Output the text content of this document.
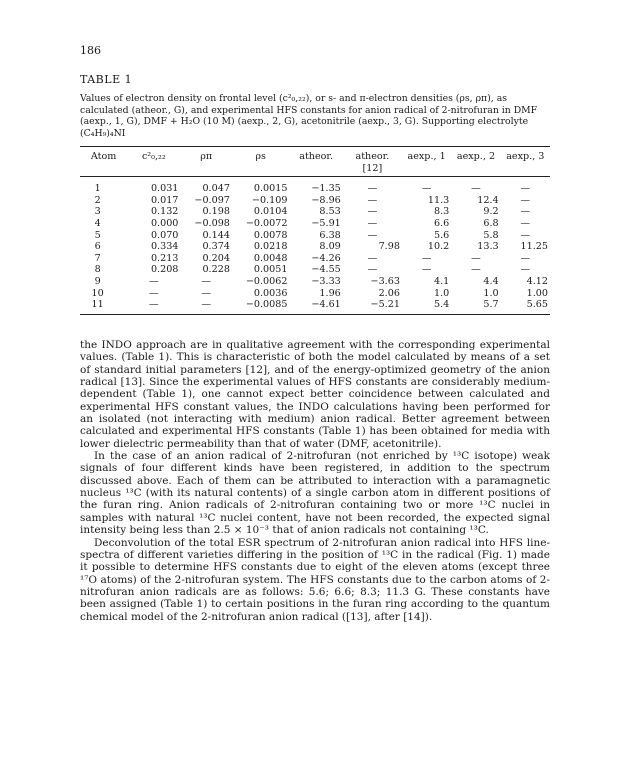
186
TABLE 1
Values of electron density on frontal level (c²₀,₂₂), or s- and π-electron densities (ρs, ρπ), as calculated (atheor., G), and experimental HFS constants for anion radical of 2-nitrofuran in DMF (aexp., 1, G), DMF + H₂O (10 M) (aexp., 2, G), acetonitrile (aexp., 3, G). Supporting electrolyte (C₄H₉)₄NI
Atom	c²₀,₂₂	ρπ	ρs	atheor.	atheor. [12]	aexp., 1	aexp., 2	aexp., 3
1	0.031	0.047	0.0015	−1.35	—	—	—	—
2	0.017	−0.097	−0.109	−8.96	—	11.3	12.4	—
3	0.132	0.198	0.0104	8.53	—	8.3	9.2	—
4	0.000	−0.098	−0.0072	−5.91	—	6.6	6.8	—
5	0.070	0.144	0.0078	6.38	—	5.6	5.8	—
6	0.334	0.374	0.0218	8.09	7.98	10.2	13.3	11.25
7	0.213	0.204	0.0048	−4.26	—	—	—	—
8	0.208	0.228	0.0051	−4.55	—	—	—	—
9	—	—	−0.0062	−3.33	−3.63	4.1	4.4	4.12
10	—	—	0.0036	1.96	2.06	1.0	1.0	1.00
11	—	—	−0.0085	−4.61	−5.21	5.4	5.7	5.65

the INDO approach are in qualitative agreement with the corresponding experimental values. (Table 1). This is characteristic of both the model calculated by means of a set of standard initial parameters [12], and of the energy-optimized geometry of the anion radical [13]. Since the experimental values of HFS constants are considerably medium-dependent (Table 1), one cannot expect better coincidence between calculated and experimental HFS constant values, the INDO calculations having been performed for an isolated (not interacting with medium) anion radical. Better agreement between calculated and experimental HFS constants (Table 1) has been obtained for media with lower dielectric permeability than that of water (DMF, acetonitrile).

In the case of an anion radical of 2-nitrofuran (not enriched by ¹³C isotope) weak signals of four different kinds have been registered, in addition to the spectrum discussed above. Each of them can be attributed to interaction with a paramagnetic nucleus ¹³C (with its natural contents) of a single carbon atom in different positions of the furan ring. Anion radicals of 2-nitrofuran containing two or more ¹³C nuclei in samples with natural ¹³C nuclei content, have not been recorded, the expected signal intensity being less than 2.5 × 10⁻³ that of anion radicals not containing ¹³C.

Deconvolution of the total ESR spectrum of 2-nitrofuran anion radical into HFS line-spectra of different varieties differing in the position of ¹³C in the radical (Fig. 1) made it possible to determine HFS constants due to eight of the eleven atoms (except three ¹⁷O atoms) of the 2-nitrofuran system. The HFS constants due to the carbon atoms of 2-nitrofuran anion radicals are as follows: 5.6; 6.6; 8.3; 11.3 G. These constants have been assigned (Table 1) to certain positions in the furan ring according to the quantum chemical model of the 2-nitrofuran anion radical ([13], after [14]).
